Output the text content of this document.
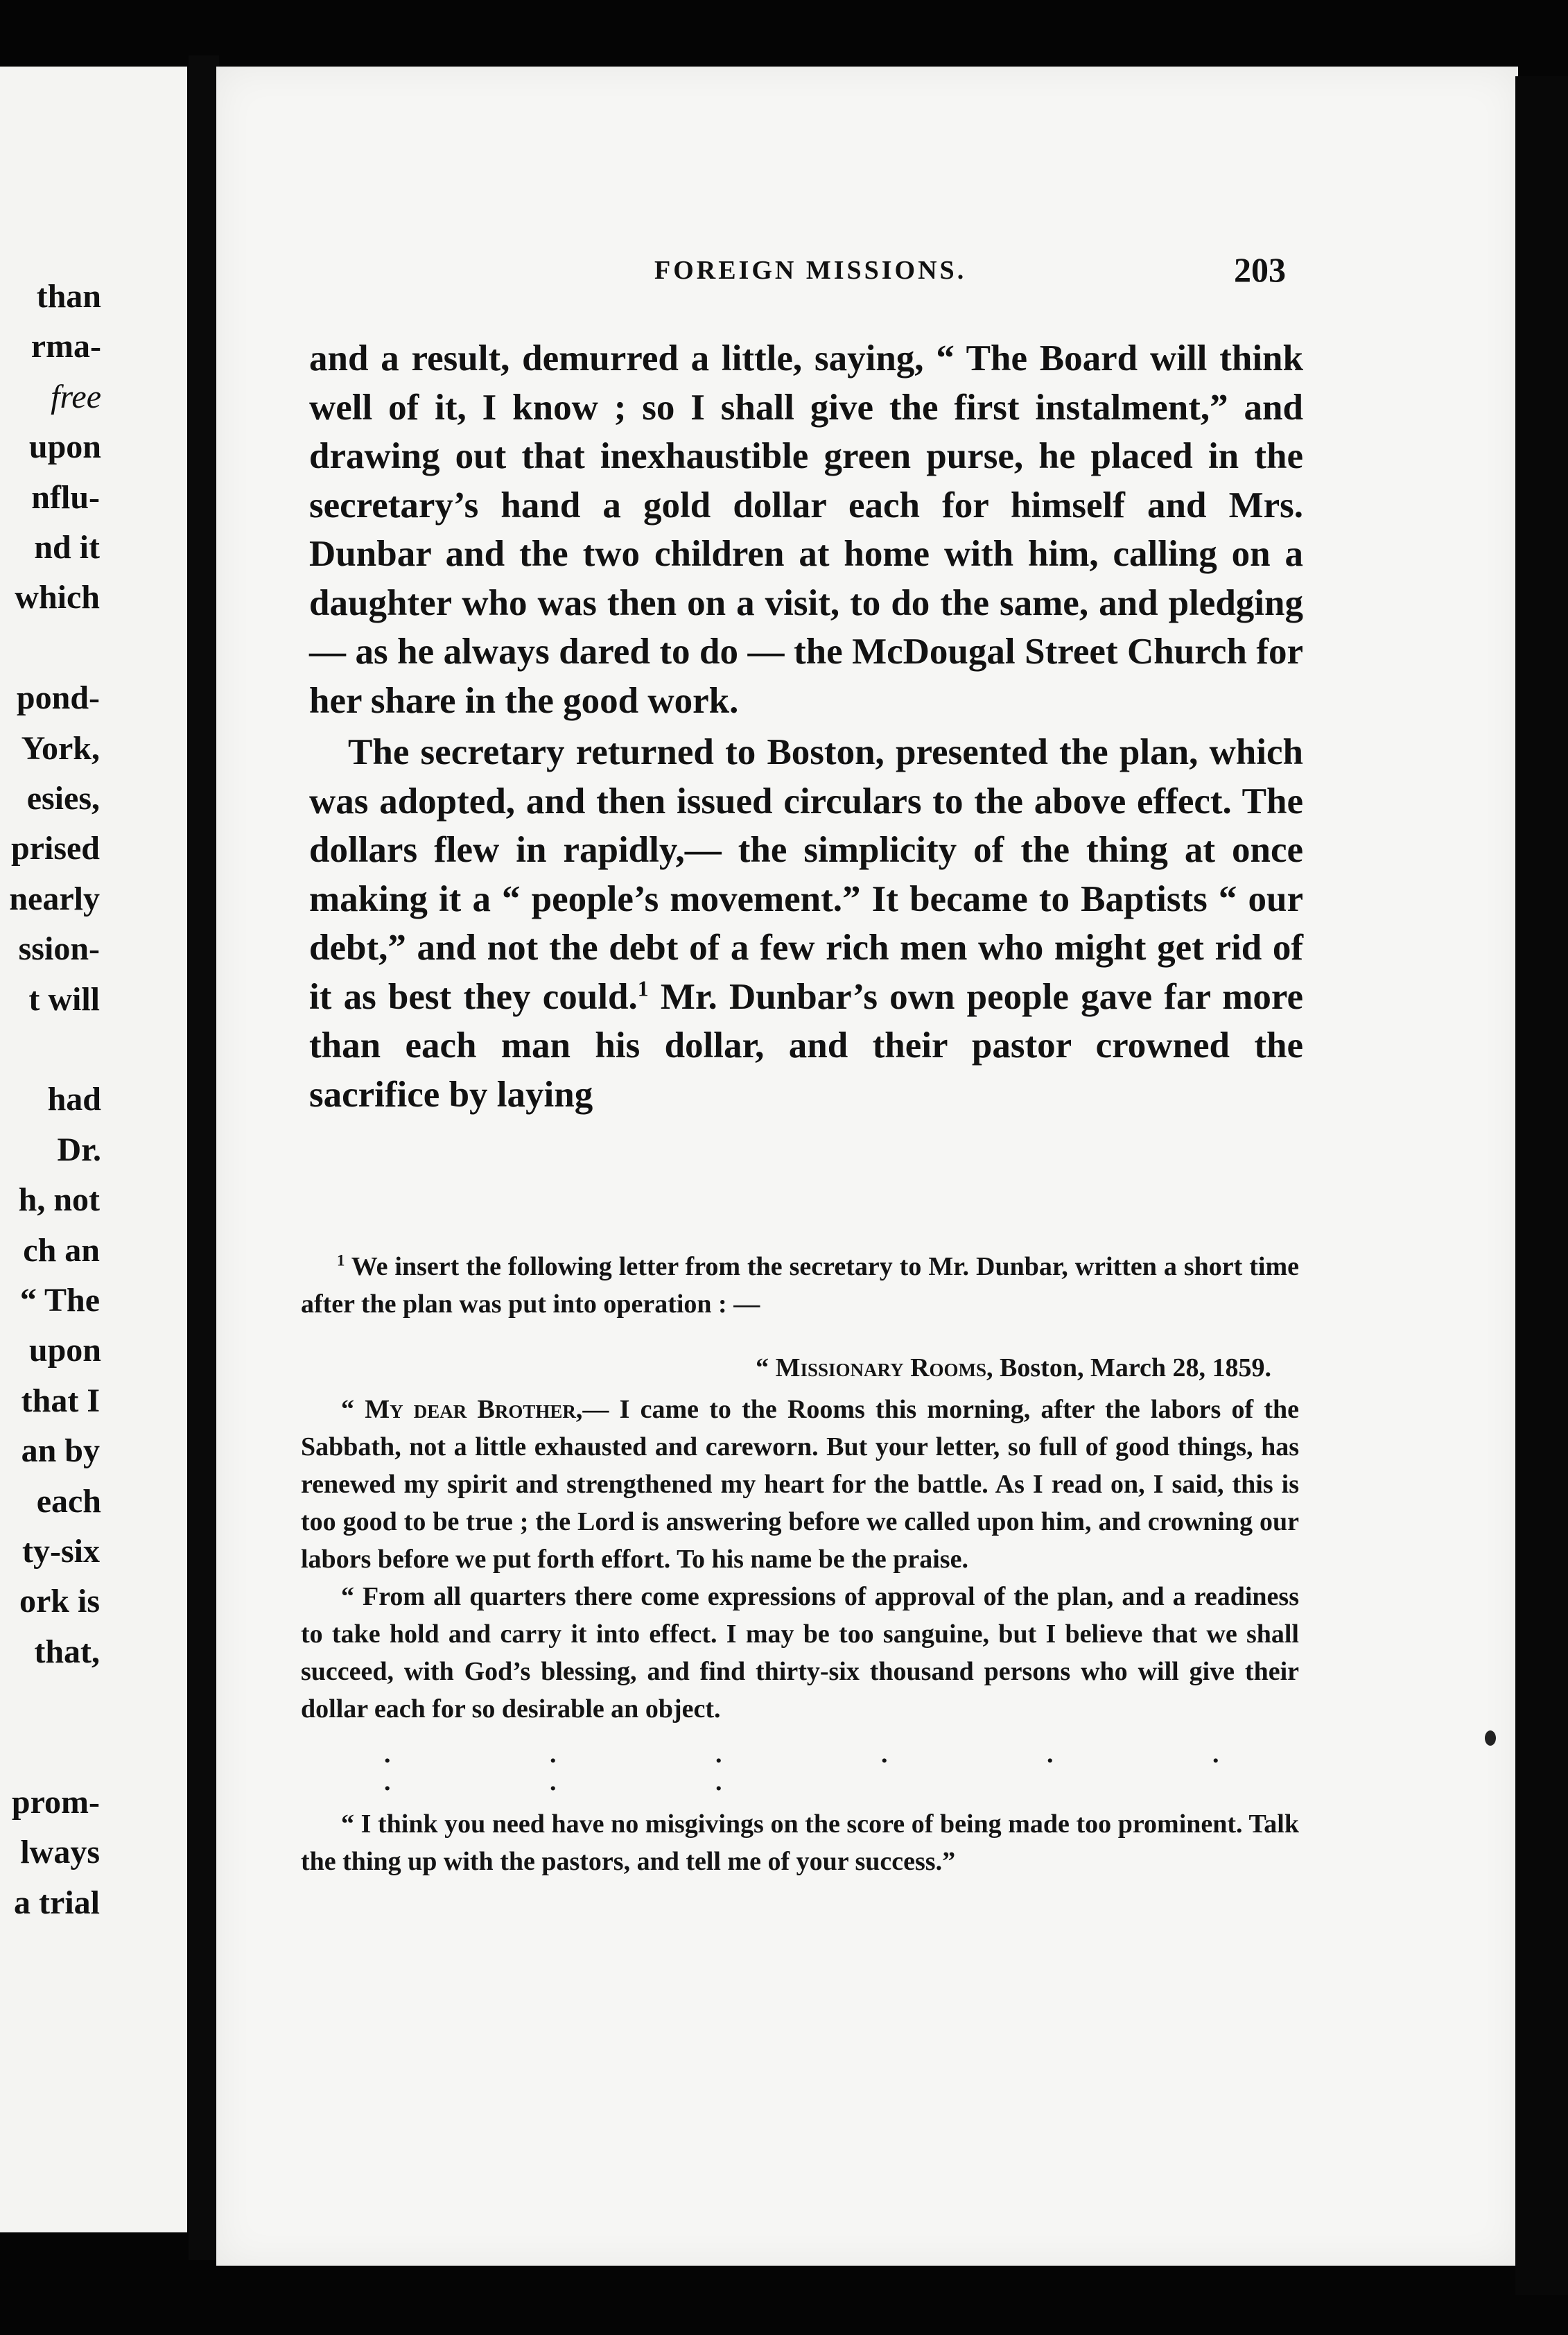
than
rma-
free
upon
nflu-
nd it
which
pond-
York,
esies,
prised
nearly
ssion-
t will
had
Dr.
h, not
ch an
“ The
upon
that I
an by
each
ty-six
ork is
that,
prom-
lways
a trial
FOREIGN MISSIONS.	203

and a result, demurred a little, saying, “ The Board will think well of it, I know ; so I shall give the first instalment,” and drawing out that inexhaustible green purse, he placed in the secretary’s hand a gold dollar each for himself and Mrs. Dunbar and the two children at home with him, calling on a daughter who was then on a visit, to do the same, and pledging — as he always dared to do — the McDougal Street Church for her share in the good work.

The secretary returned to Boston, presented the plan, which was adopted, and then issued circulars to the above effect. The dollars flew in rapidly,— the simplicity of the thing at once making it a “ people’s movement.” It became to Baptists “ our debt,” and not the debt of a few rich men who might get rid of it as best they could.$^1$ Mr. Dunbar’s own people gave far more than each man his dollar, and their pastor crowned the sacrifice by laying

$^1$ We insert the following letter from the secretary to Mr. Dunbar, written a short time after the plan was put into operation : —

“ Missionary Rooms, Boston, March 28, 1859.

“ My dear Brother,— I came to the Rooms this morning, after the labors of the Sabbath, not a little exhausted and careworn. But your letter, so full of good things, has renewed my spirit and strengthened my heart for the battle. As I read on, I said, this is too good to be true ; the Lord is answering before we called upon him, and crowning our labors before we put forth effort. To his name be the praise.

“ From all quarters there come expressions of approval of the plan, and a readiness to take hold and carry it into effect. I may be too sanguine, but I believe that we shall succeed, with God’s blessing, and find thirty-six thousand persons who will give their dollar each for so desirable an object.

. . . . . . . . .

“ I think you need have no misgivings on the score of being made too prominent. Talk the thing up with the pastors, and tell me of your success.”
